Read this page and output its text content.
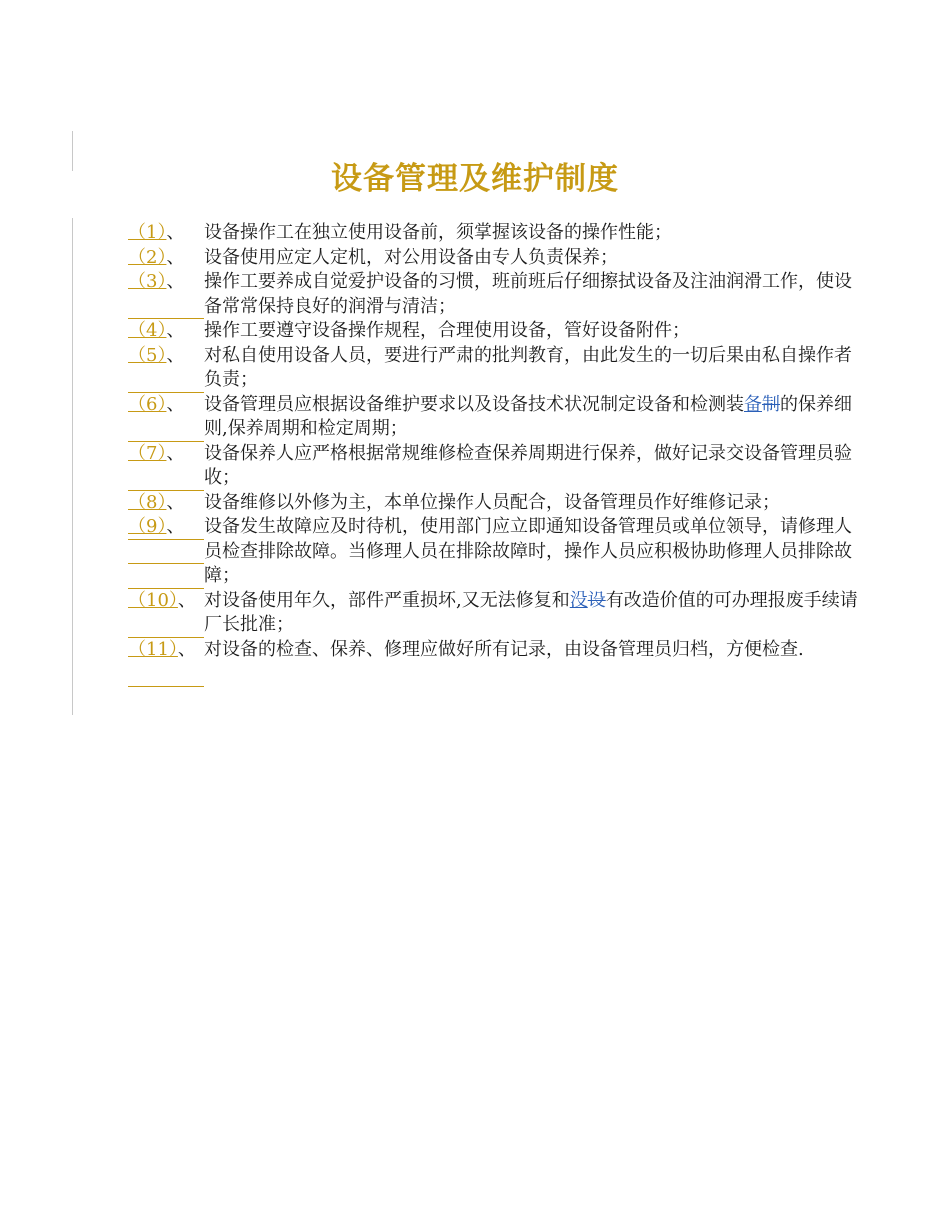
设备管理及维护制度
（1）、	设备操作工在独立使用设备前，须掌握该设备的操作性能；
（2）、	设备使用应定人定机，对公用设备由专人负责保养；
（3）、	操作工要养成自觉爱护设备的习惯，班前班后仔细擦拭设备及注油润滑工作，使设备常常保持良好的润滑与清洁；
（4）、	操作工要遵守设备操作规程，合理使用设备，管好设备附件；
（5）、	对私自使用设备人员，要进行严肃的批判教育，由此发生的一切后果由私自操作者负责；
（6）、	设备管理员应根据设备维护要求以及设备技术状况制定设备和检测装备制的保养细则,保养周期和检定周期；
（7）、	设备保养人应严格根据常规维修检查保养周期进行保养，做好记录交设备管理员验收；
（8）、	设备维修以外修为主，本单位操作人员配合，设备管理员作好维修记录；
（9）、	设备发生故障应及时待机，使用部门应立即通知设备管理员或单位领导，请修理人员检查排除故障。当修理人员在排除故障时，操作人员应积极协助修理人员排除故障；
（10）、 对设备使用年久，部件严重损坏,又无法修复和没设有改造价值的可办理报废手续请厂长批准；
（11）、 对设备的检查、保养、修理应做好所有记录，由设备管理员归档，方便检查.
